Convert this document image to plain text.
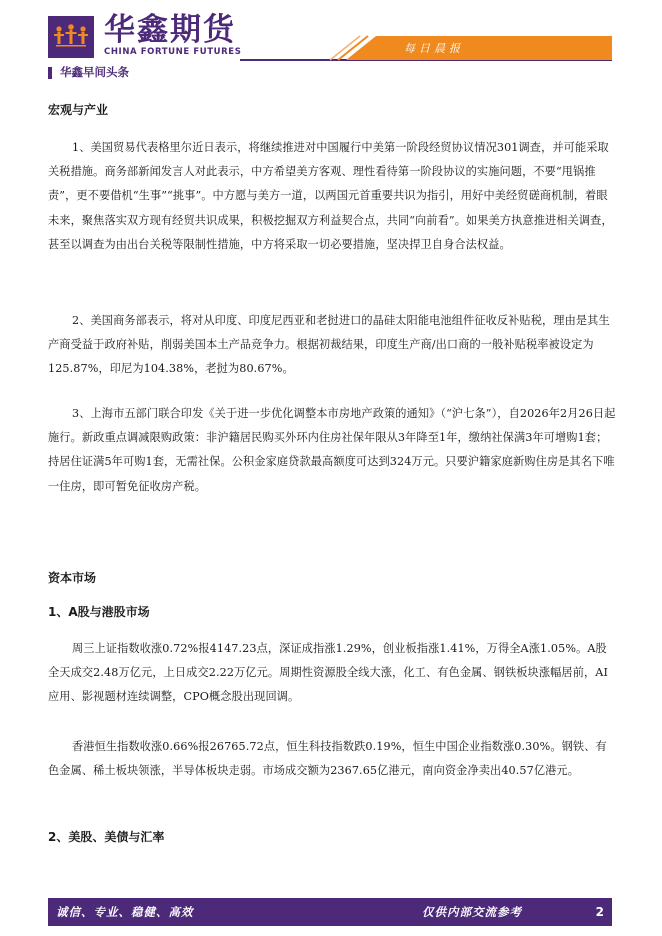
华鑫期货
CHINA FORTUNE FUTURES	每日晨报
华鑫早间头条
宏观与产业
1、美国贸易代表格里尔近日表示，将继续推进对中国履行中美第一阶段经贸协议情况301调查，并可能采取关税措施。商务部新闻发言人对此表示，中方希望美方客观、理性看待第一阶段协议的实施问题，不要“甩锅推责”，更不要借机“生事”“挑事”。中方愿与美方一道，以两国元首重要共识为指引，用好中美经贸磋商机制，着眼未来，聚焦落实双方现有经贸共识成果，积极挖掘双方利益契合点，共同“向前看”。如果美方执意推进相关调查，甚至以调查为由出台关税等限制性措施，中方将采取一切必要措施，坚决捍卫自身合法权益。
2、美国商务部表示，将对从印度、印度尼西亚和老挝进口的晶硅太阳能电池组件征收反补贴税，理由是其生产商受益于政府补贴，削弱美国本土产品竞争力。根据初裁结果，印度生产商/出口商的一般补贴税率被设定为125.87%，印尼为104.38%，老挝为80.67%。
3、上海市五部门联合印发《关于进一步优化调整本市房地产政策的通知》（“沪七条”），自2026年2月26日起施行。新政重点调减限购政策：非沪籍居民购买外环内住房社保年限从3年降至1年，缴纳社保满3年可增购1套；持居住证满5年可购1套，无需社保。公积金家庭贷款最高额度可达到324万元。只要沪籍家庭新购住房是其名下唯一住房，即可暂免征收房产税。
资本市场
1、A股与港股市场
周三上证指数收涨0.72%报4147.23点，深证成指涨1.29%，创业板指涨1.41%，万得全A涨1.05%。A股全天成交2.48万亿元，上日成交2.22万亿元。周期性资源股全线大涨，化工、有色金属、钢铁板块涨幅居前，AI应用、影视题材连续调整，CPO概念股出现回调。
香港恒生指数收涨0.66%报26765.72点，恒生科技指数跌0.19%，恒生中国企业指数涨0.30%。钢铁、有色金属、稀土板块领涨，半导体板块走弱。市场成交额为2367.65亿港元，南向资金净卖出40.57亿港元。
2、美股、美债与汇率
诚信、专业、稳健、高效	仅供内部交流参考	2
